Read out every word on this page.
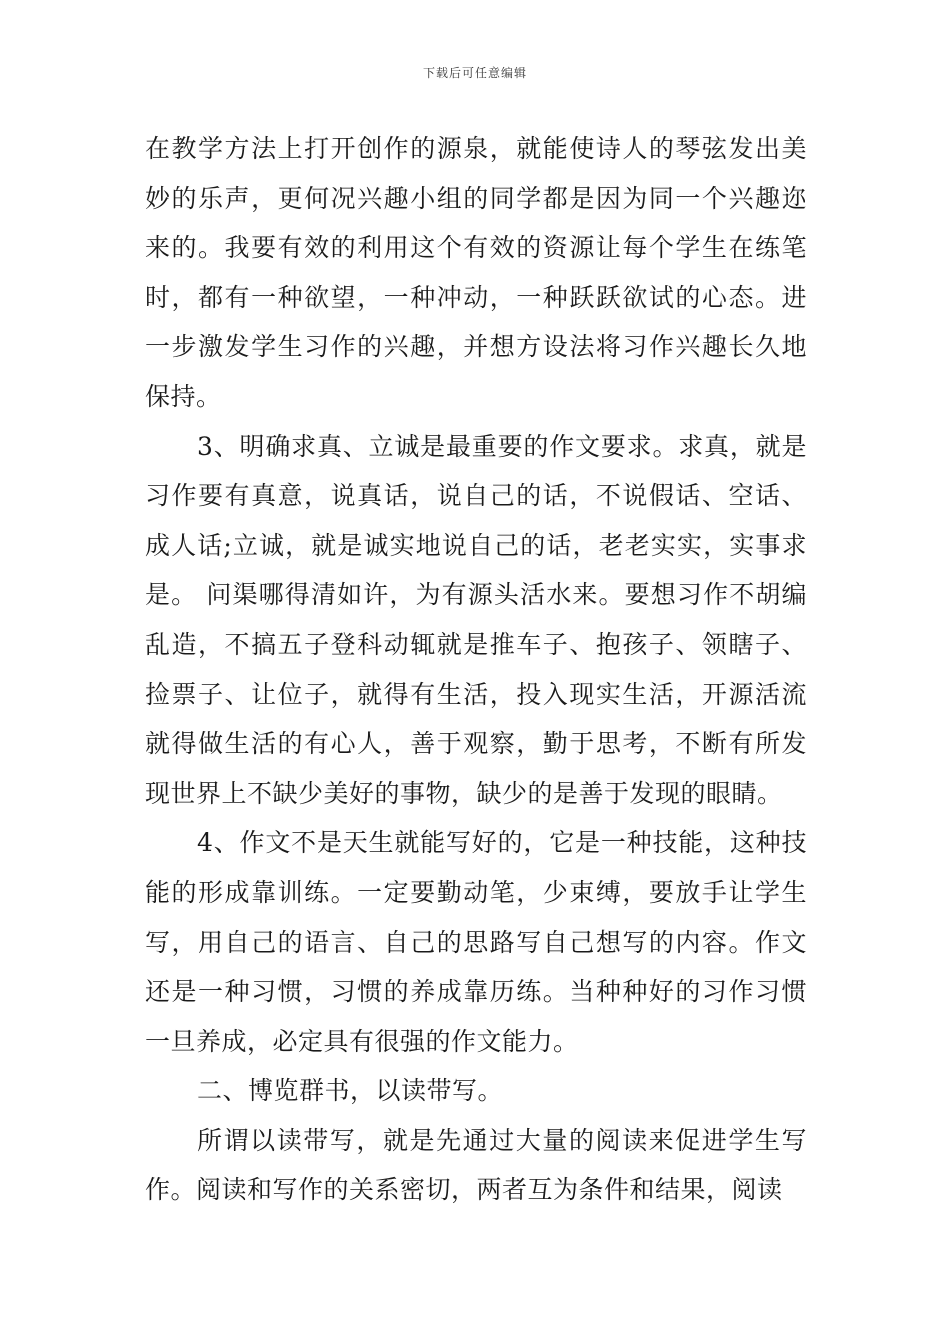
下载后可任意编辑

在教学方法上打开创作的源泉，就能使诗人的琴弦发出美妙的乐声，更何况兴趣小组的同学都是因为同一个兴趣迩来的。我要有效的利用这个有效的资源让每个学生在练笔时，都有一种欲望，一种冲动，一种跃跃欲试的心态。进一步激发学生习作的兴趣，并想方设法将习作兴趣长久地保持。

3、明确求真、立诚是最重要的作文要求。求真，就是习作要有真意，说真话，说自己的话，不说假话、空话、成人话;立诚，就是诚实地说自己的话，老老实实，实事求是。 问渠哪得清如许，为有源头活水来。要想习作不胡编乱造，不搞五子登科动辄就是推车子、抱孩子、领瞎子、捡票子、让位子，就得有生活，投入现实生活，开源活流就得做生活的有心人，善于观察，勤于思考，不断有所发现世界上不缺少美好的事物，缺少的是善于发现的眼睛。

4、作文不是天生就能写好的，它是一种技能，这种技能的形成靠训练。一定要勤动笔，少束缚，要放手让学生写，用自己的语言、自己的思路写自己想写的内容。作文还是一种习惯，习惯的养成靠历练。当种种好的习作习惯一旦养成，必定具有很强的作文能力。

二、博览群书，以读带写。

所谓以读带写，就是先通过大量的阅读来促进学生写作。阅读和写作的关系密切，两者互为条件和结果，阅读
